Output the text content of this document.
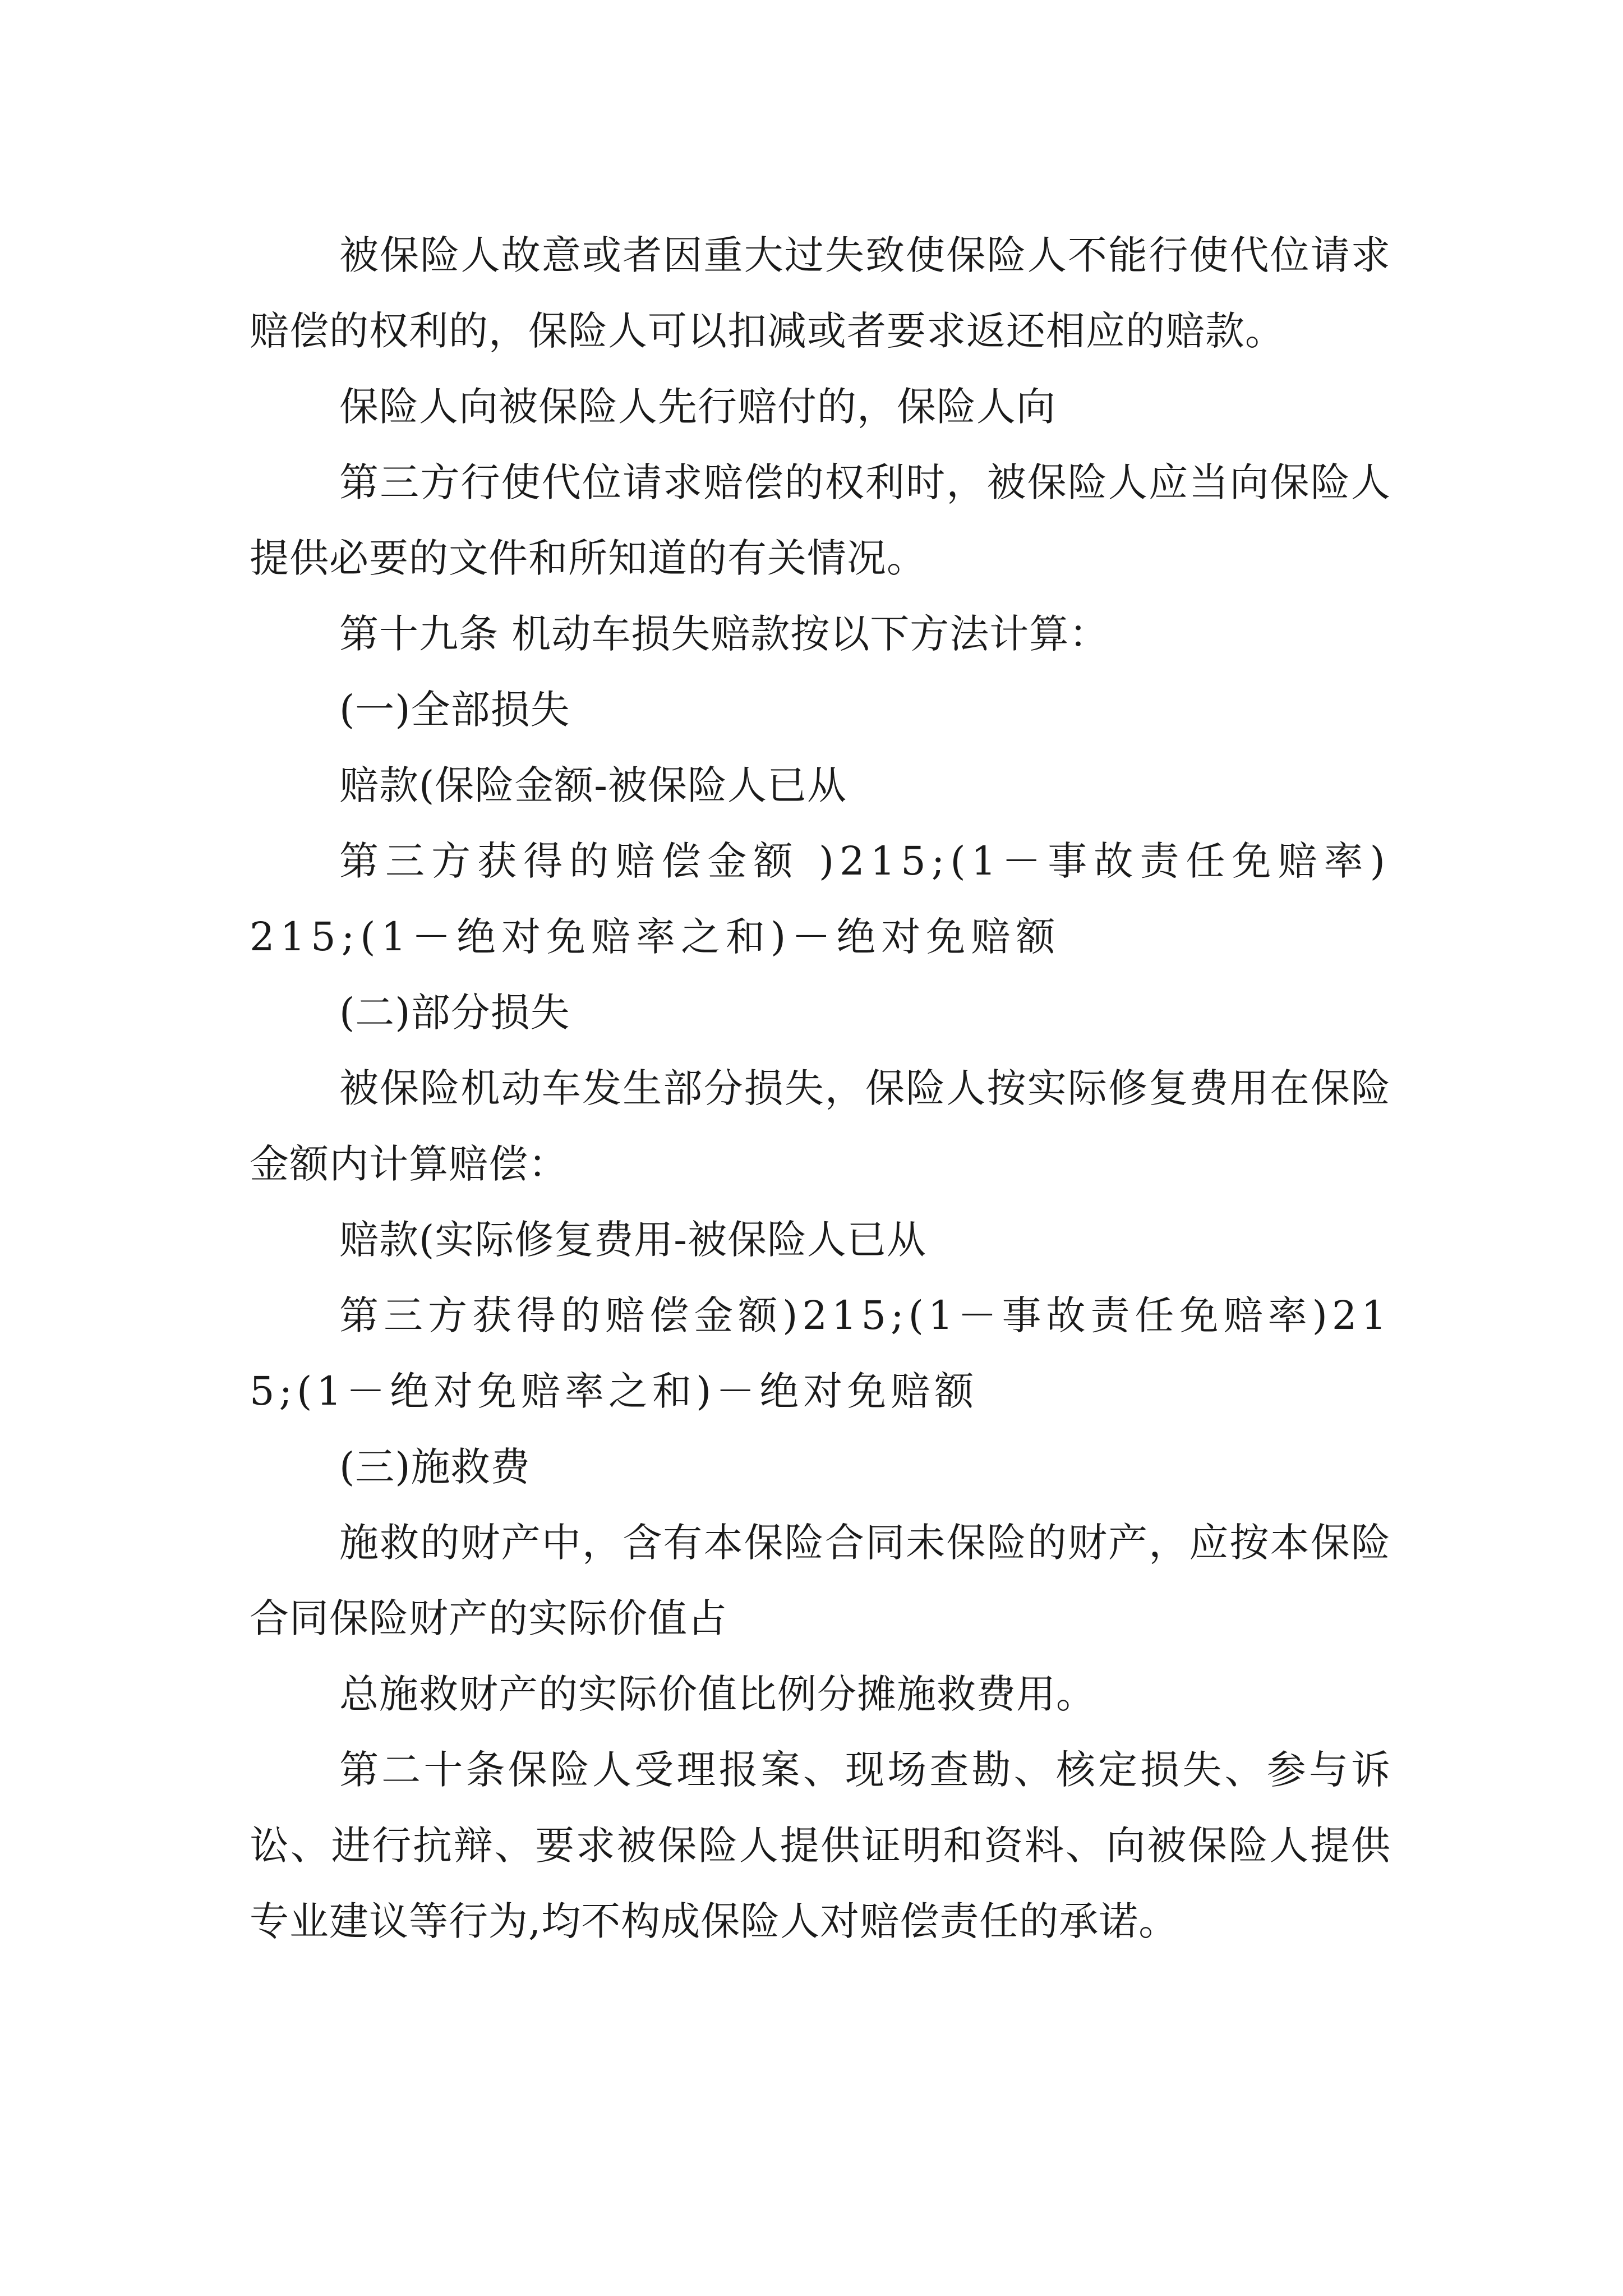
被保险人故意或者因重大过失致使保险人不能行使代位请求赔偿的权利的，保险人可以扣减或者要求返还相应的赔款。

保险人向被保险人先行赔付的，保险人向

第三方行使代位请求赔偿的权利时，被保险人应当向保险人提供必要的文件和所知道的有关情况。

第十九条 机动车损失赔款按以下方法计算：

(一)全部损失

赔款(保险金额-被保险人已从

第三方获得的赔偿金额 )215;(1－事故责任免赔率)215;(1－绝对免赔率之和)－绝对免赔额

(二)部分损失

被保险机动车发生部分损失，保险人按实际修复费用在保险金额内计算赔偿：

赔款(实际修复费用-被保险人已从

第三方获得的赔偿金额)215;(1－事故责任免赔率)215;(1－绝对免赔率之和)－绝对免赔额

(三)施救费

施救的财产中，含有本保险合同未保险的财产，应按本保险合同保险财产的实际价值占

总施救财产的实际价值比例分摊施救费用。

第二十条保险人受理报案、现场查勘、核定损失、参与诉讼、进行抗辩、要求被保险人提供证明和资料、向被保险人提供专业建议等行为,均不构成保险人对赔偿责任的承诺。
